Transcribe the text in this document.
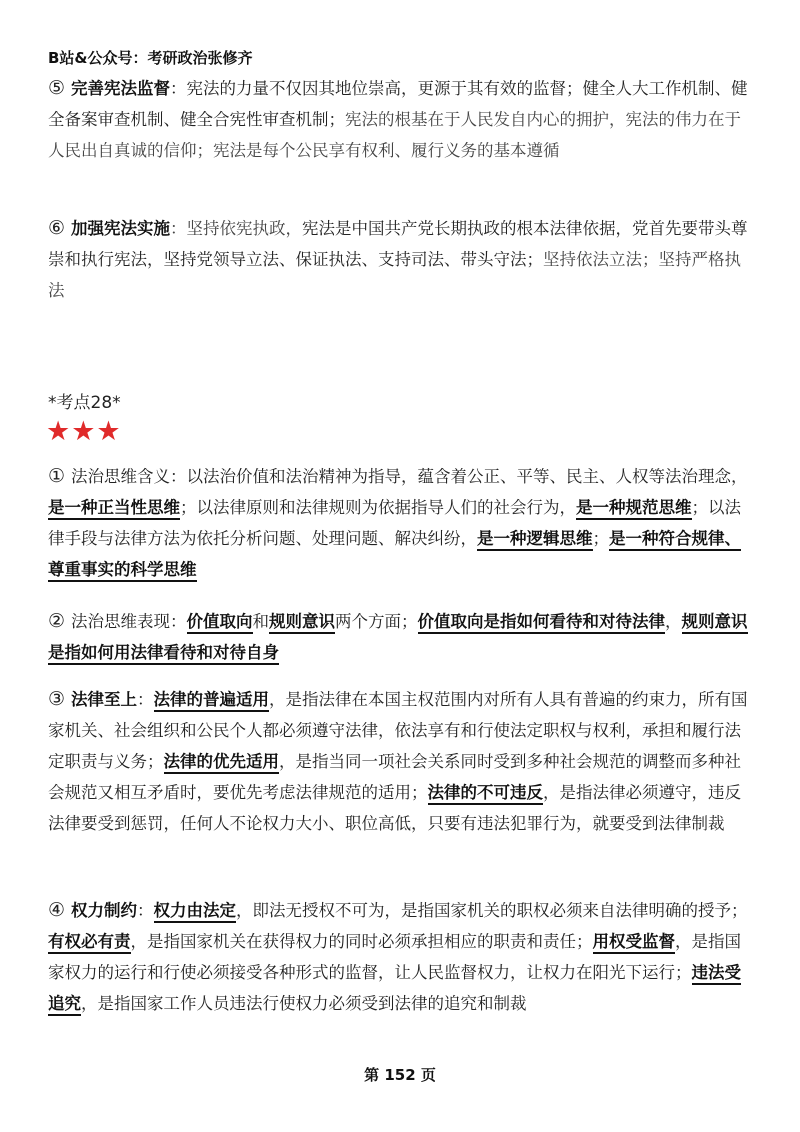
B站&公众号：考研政治张修齐
⑤ 完善宪法监督：宪法的力量不仅因其地位崇高，更源于其有效的监督；健全人大工作机制、健全备案审查机制、健全合宪性审查机制；宪法的根基在于人民发自内心的拥护，宪法的伟力在于人民出自真诚的信仰；宪法是每个公民享有权利、履行义务的基本遵循
⑥ 加强宪法实施：坚持依宪执政，宪法是中国共产党长期执政的根本法律依据，党首先要带头尊崇和执行宪法，坚持党领导立法、保证执法、支持司法、带头守法；坚持依法立法；坚持严格执法
*考点28*
★★★
① 法治思维含义：以法治价值和法治精神为指导，蕴含着公正、平等、民主、人权等法治理念，是一种正当性思维；以法律原则和法律规则为依据指导人们的社会行为，是一种规范思维；以法律手段与法律方法为依托分析问题、处理问题、解决纠纷，是一种逻辑思维；是一种符合规律、尊重事实的科学思维
② 法治思维表现：价值取向和规则意识两个方面；价值取向是指如何看待和对待法律，规则意识是指如何用法律看待和对待自身
③ 法律至上：法律的普遍适用，是指法律在本国主权范围内对所有人具有普遍的约束力，所有国家机关、社会组织和公民个人都必须遵守法律，依法享有和行使法定职权与权利，承担和履行法定职责与义务；法律的优先适用，是指当同一项社会关系同时受到多种社会规范的调整而多种社会规范又相互矛盾时，要优先考虑法律规范的适用；法律的不可违反，是指法律必须遵守，违反法律要受到惩罚，任何人不论权力大小、职位高低，只要有违法犯罪行为，就要受到法律制裁
④ 权力制约：权力由法定，即法无授权不可为，是指国家机关的职权必须来自法律明确的授予；有权必有责，是指国家机关在获得权力的同时必须承担相应的职责和责任；用权受监督，是指国家权力的运行和行使必须接受各种形式的监督，让人民监督权力，让权力在阳光下运行；违法受追究，是指国家工作人员违法行使权力必须受到法律的追究和制裁
第 152 页
